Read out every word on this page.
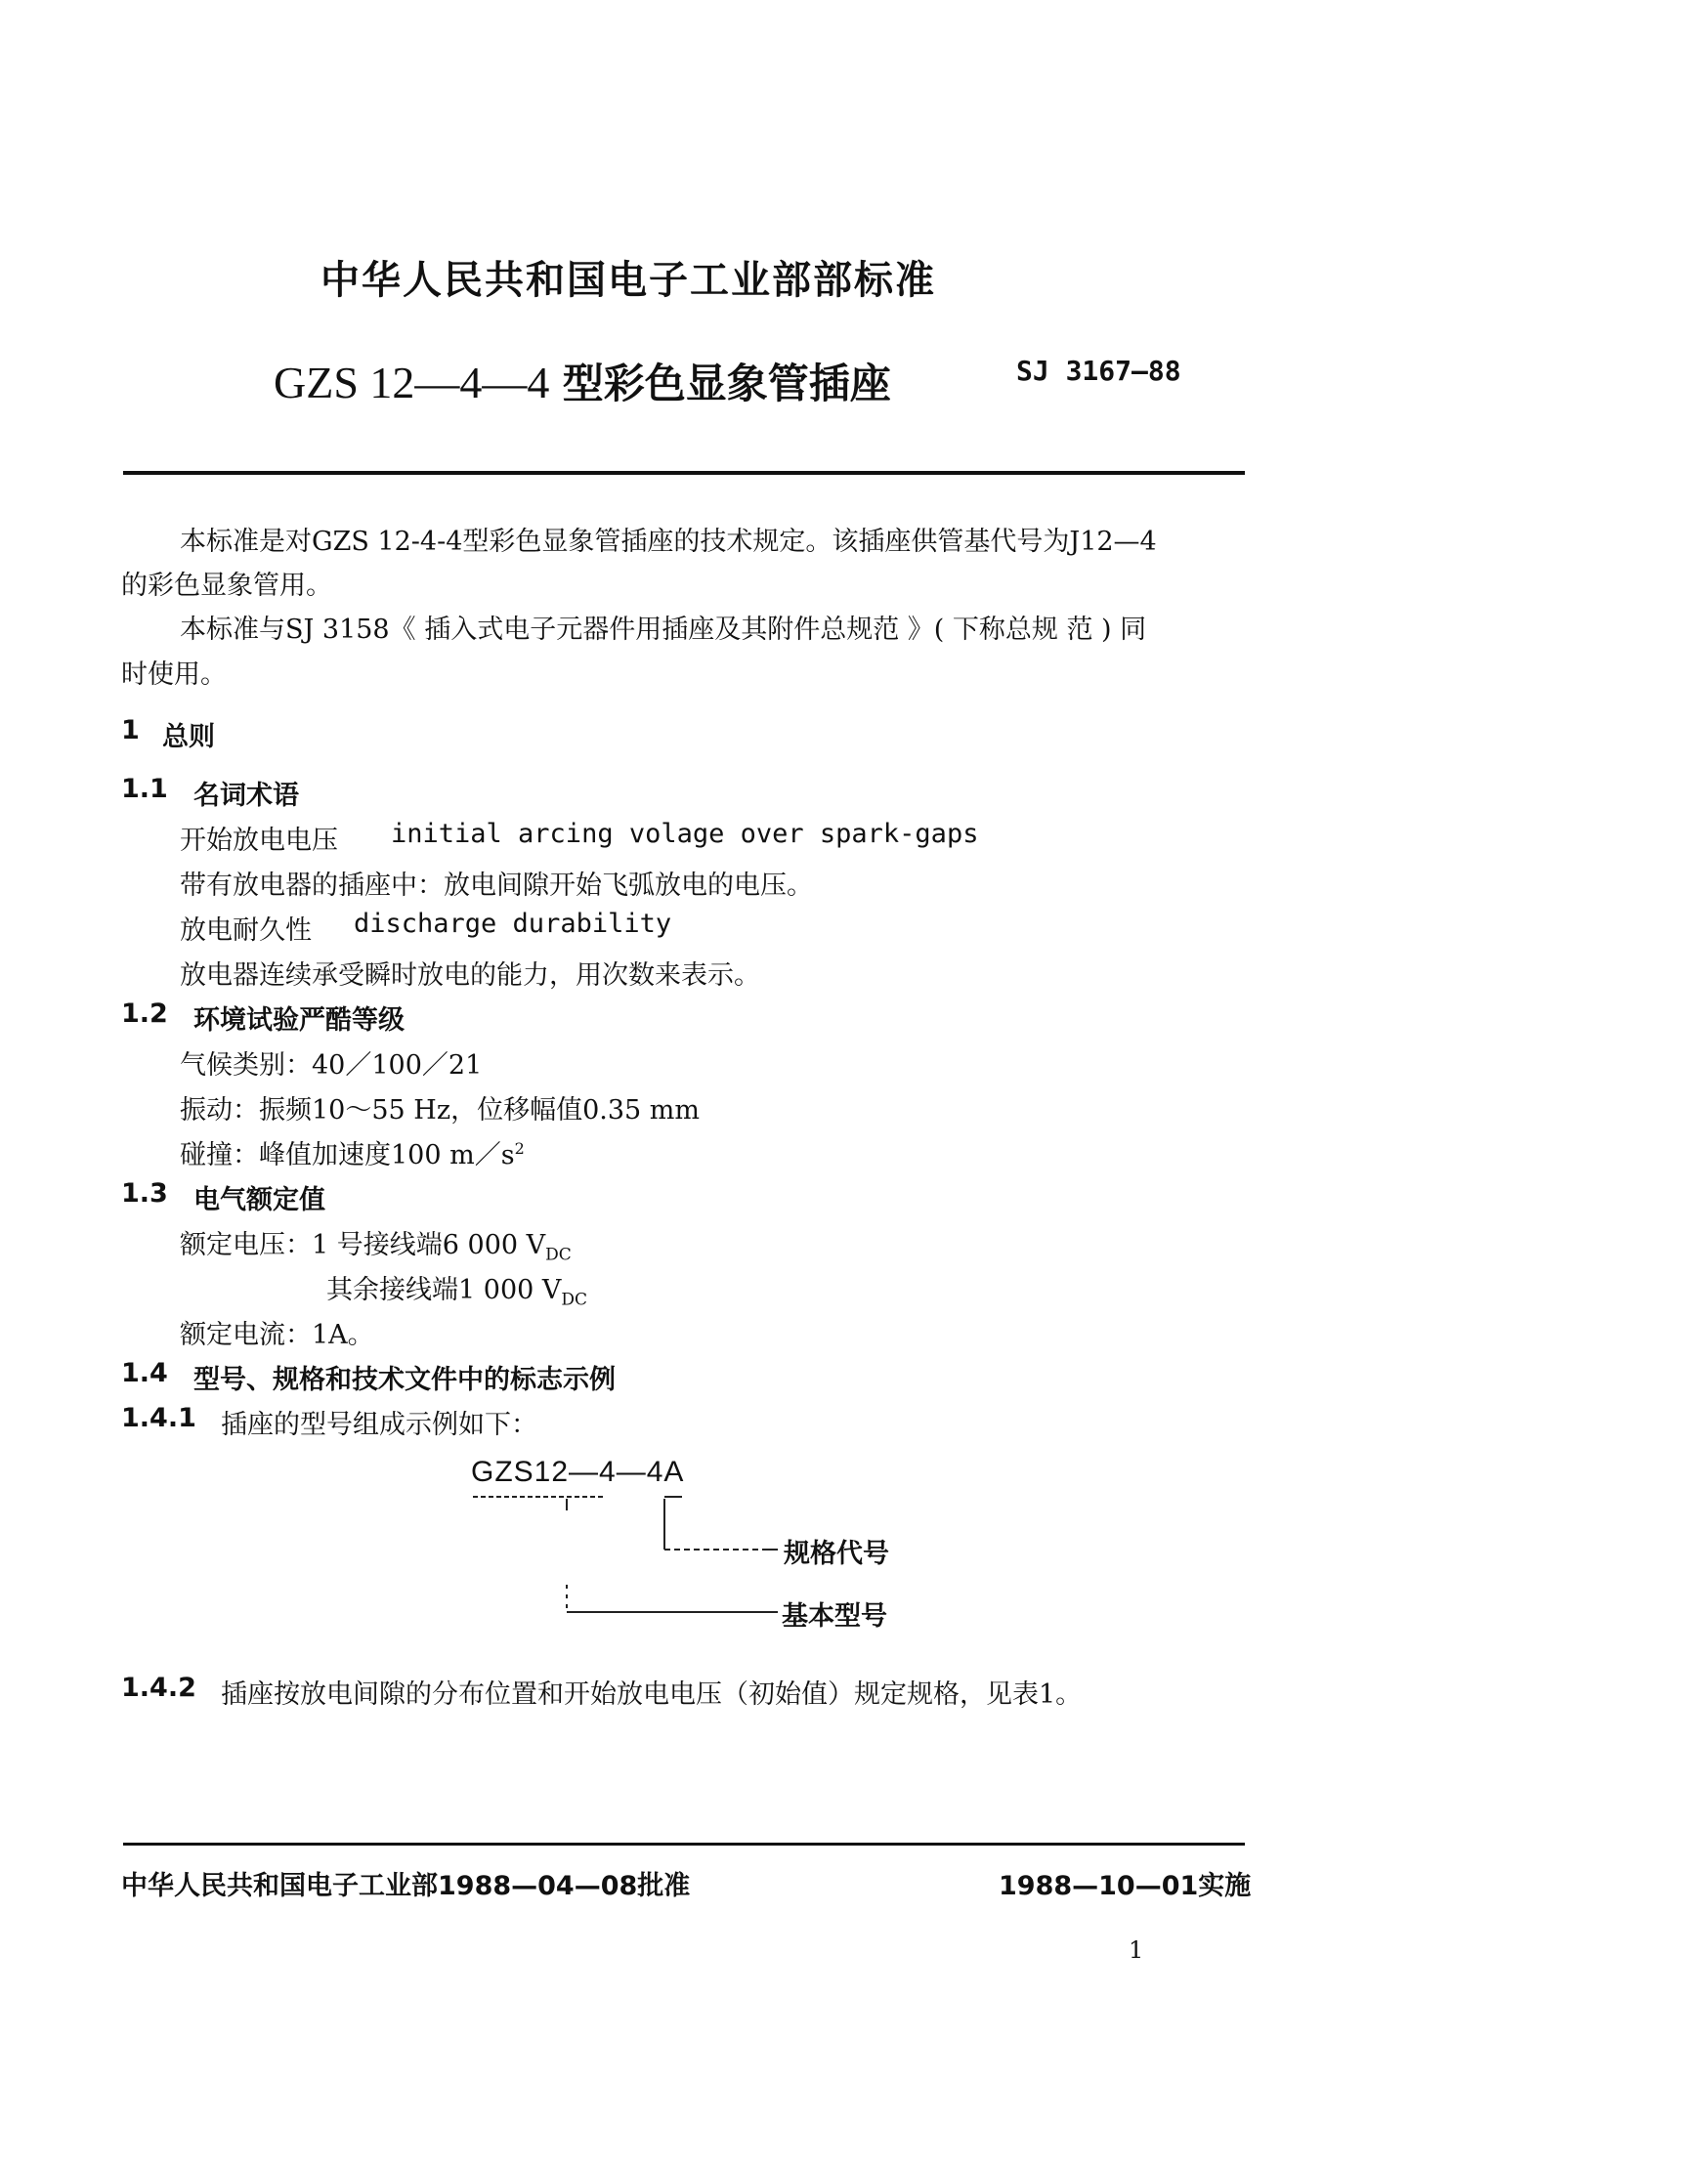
中华人民共和国电子工业部部标准
GZS 12—4—4 型彩色显象管插座	SJ 3167—88
本标准是对GZS 12-4-4型彩色显象管插座的技术规定。该插座供管基代号为J12—4
的彩色显象管用。
本标准与SJ 3158《 插入式电子元器件用插座及其附件总规范 》( 下称总规 范 ) 同
时使用。
1 总则
1.1 名词术语
开始放电电压 initial arcing volage over spark-gaps
带有放电器的插座中：放电间隙开始飞弧放电的电压。
放电耐久性 discharge durability
放电器连续承受瞬时放电的能力，用次数来表示。
1.2 环境试验严酷等级
气候类别：40／100／21
振动：振频10～55 Hz，位移幅值0.35 mm
碰撞：峰值加速度100 $m/s^2$
1.3 电气额定值
额定电压：1 号接线端6 000 $V_{DC}$
其余接线端1 000 $V_{DC}$
额定电流：1A。
1.4 型号、规格和技术文件中的标志示例
1.4.1 插座的型号组成示例如下：
GZS12—4—4A
规格代号
基本型号
1.4.2 插座按放电间隙的分布位置和开始放电电压（初始值）规定规格，见表1。
中华人民共和国电子工业部1988—04—08批准	1988—10—01实施
1
